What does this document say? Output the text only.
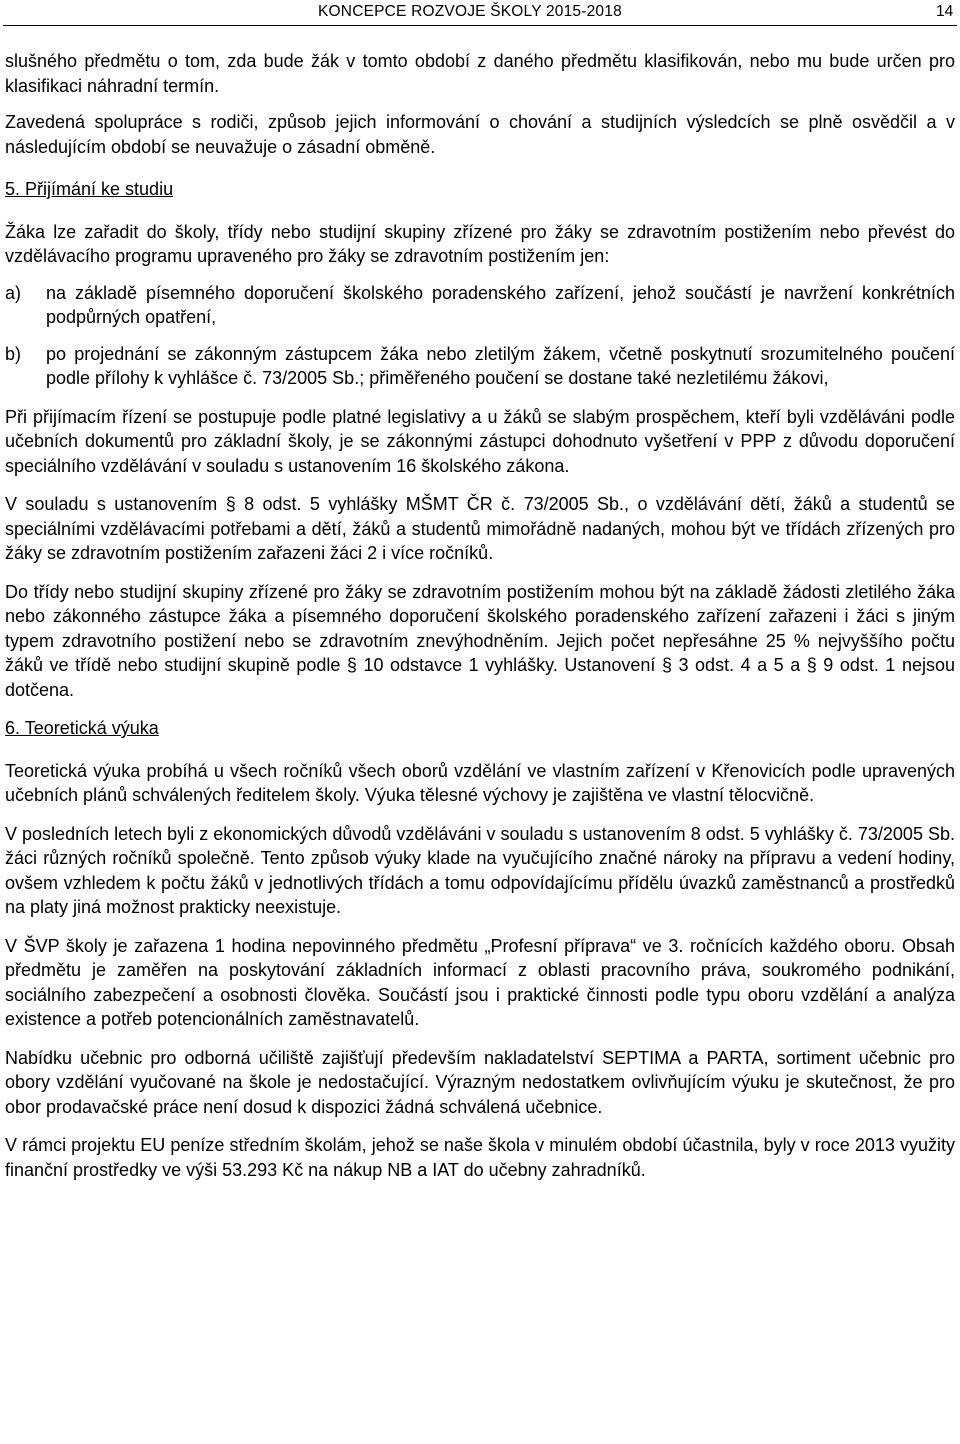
KONCEPCE ROZVOJE ŠKOLY 2015-2018	14

slušného předmětu o tom, zda bude žák v tomto období z daného předmětu klasifikován, nebo mu bude určen pro klasifikaci náhradní termín.

Zavedená spolupráce s rodiči, způsob jejich informování o chování a studijních výsledcích se plně osvědčil a v následujícím období se neuvažuje o zásadní obměně.

5. Přijímání ke studiu

Žáka lze zařadit do školy, třídy nebo studijní skupiny zřízené pro žáky se zdravotním postižením nebo převést do vzdělávacího programu upraveného pro žáky se zdravotním postižením jen:

a) na základě písemného doporučení školského poradenského zařízení, jehož součástí je navržení konkrétních podpůrných opatření,
b) po projednání se zákonným zástupcem žáka nebo zletilým žákem, včetně poskytnutí srozumitelného poučení podle přílohy k vyhlášce č. 73/2005 Sb.; přiměřeného poučení se dostane také nezletilému žákovi,

Při přijímacím řízení se postupuje podle platné legislativy a u žáků se slabým prospěchem, kteří byli vzděláváni podle učebních dokumentů pro základní školy, je se zákonnými zástupci dohodnuto vyšetření v PPP z důvodu doporučení speciálního vzdělávání v souladu s ustanovením 16 školského zákona.

V souladu s ustanovením § 8 odst. 5 vyhlášky MŠMT ČR č. 73/2005 Sb., o vzdělávání dětí, žáků a studentů se speciálními vzdělávacími potřebami a dětí, žáků a studentů mimořádně nadaných, mohou být ve třídách zřízených pro žáky se zdravotním postižením zařazeni žáci 2 i více ročníků.

Do třídy nebo studijní skupiny zřízené pro žáky se zdravotním postižením mohou být na základě žádosti zletilého žáka nebo zákonného zástupce žáka a písemného doporučení školského poradenského zařízení zařazeni i žáci s jiným typem zdravotního postižení nebo se zdravotním znevýhodněním. Jejich počet nepřesáhne 25 % nejvyššího počtu žáků ve třídě nebo studijní skupině podle § 10 odstavce 1 vyhlášky. Ustanovení § 3 odst. 4 a 5 a § 9 odst. 1 nejsou dotčena.

6. Teoretická výuka

Teoretická výuka probíhá u všech ročníků všech oborů vzdělání ve vlastním zařízení v Křenovicích podle upravených učebních plánů schválených ředitelem školy. Výuka tělesné výchovy je zajištěna ve vlastní tělocvičně.

V posledních letech byli z ekonomických důvodů vzděláváni v souladu s ustanovením 8 odst. 5 vyhlášky č. 73/2005 Sb. žáci různých ročníků společně. Tento způsob výuky klade na vyučujícího značné nároky na přípravu a vedení hodiny, ovšem vzhledem k počtu žáků v jednotlivých třídách a tomu odpovídajícímu přídělu úvazků zaměstnanců a prostředků na platy jiná možnost prakticky neexistuje.

V ŠVP školy je zařazena 1 hodina nepovinného předmětu „Profesní příprava“ ve 3. ročnících každého oboru. Obsah předmětu je zaměřen na poskytování základních informací z oblasti pracovního práva, soukromého podnikání, sociálního zabezpečení a osobnosti člověka. Součástí jsou i praktické činnosti podle typu oboru vzdělání a analýza existence a potřeb potencionálních zaměstnavatelů.

Nabídku učebnic pro odborná učiliště zajišťují především nakladatelství SEPTIMA a PARTA, sortiment učebnic pro obory vzdělání vyučované na škole je nedostačující. Výrazným nedostatkem ovlivňujícím výuku je skutečnost, že pro obor prodavačské práce není dosud k dispozici žádná schválená učebnice.

V rámci projektu EU peníze středním školám, jehož se naše škola v minulém období účastnila, byly v roce 2013 využity finanční prostředky ve výši 53.293 Kč na nákup NB a IAT do učebny zahradníků.
